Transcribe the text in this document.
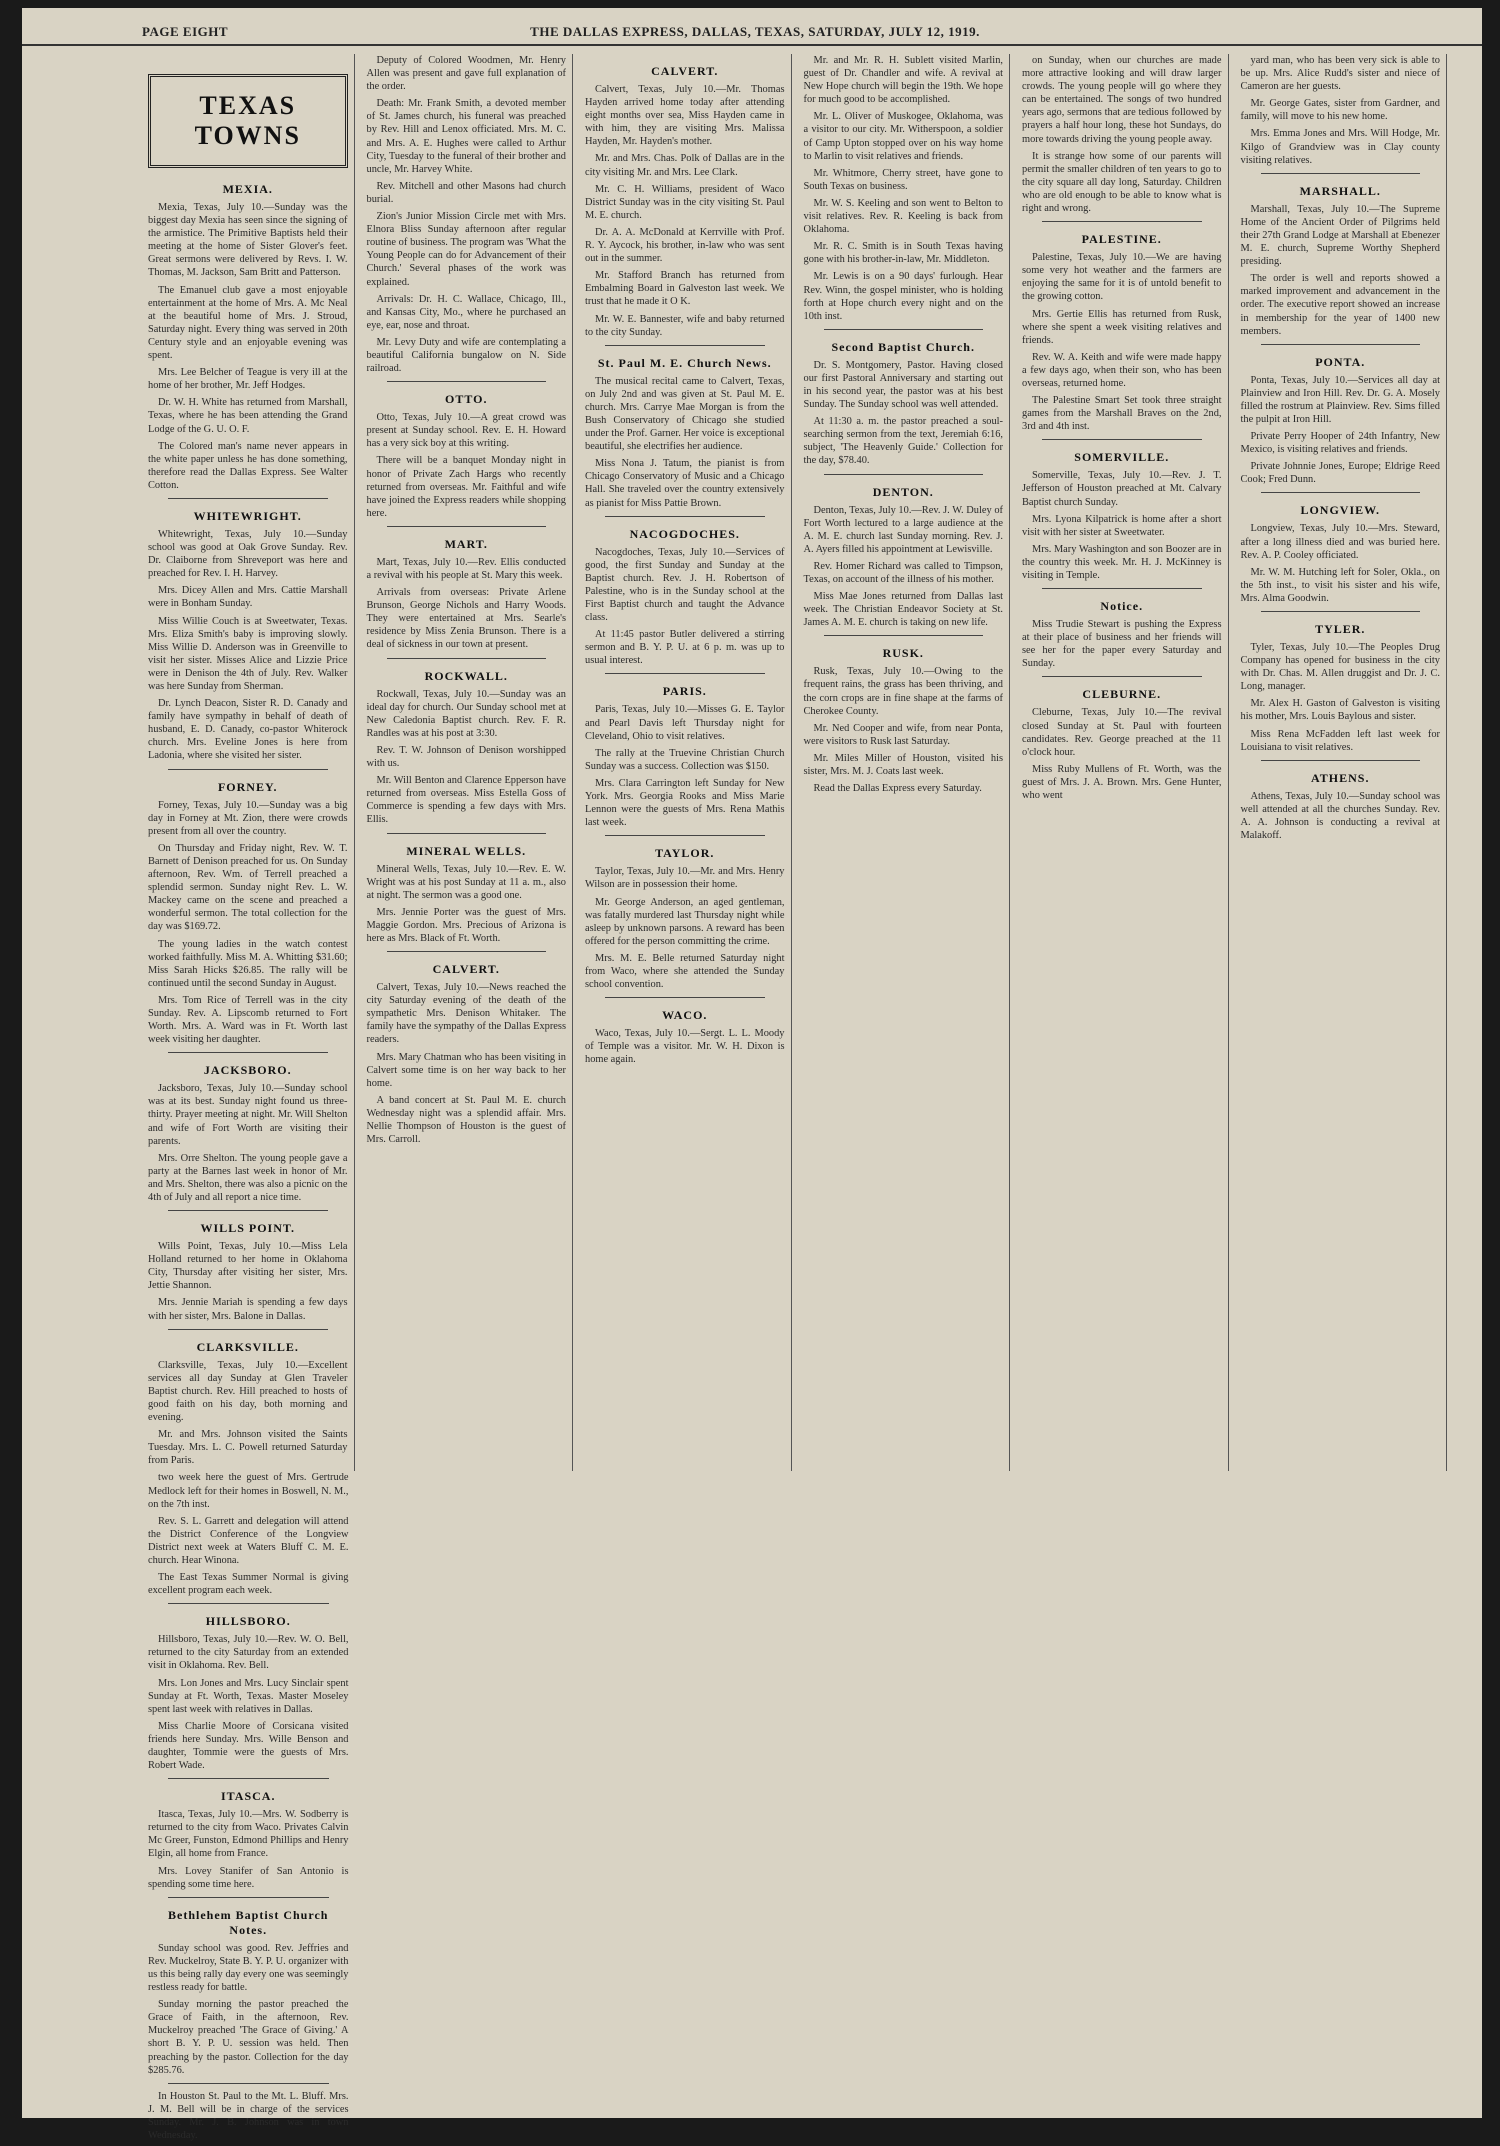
PAGE EIGHT	THE DALLAS EXPRESS, DALLAS, TEXAS, SATURDAY, JULY 12, 1919.
TEXAS TOWNS
MEXIA.

Mexia, Texas, July 10.—Sunday was the biggest day Mexia has seen since the signing of the armistice. The Primitive Baptists held their meeting at the home of Sister Glover's feet. Great sermons were delivered by Revs. I. W. Thomas, M. Jackson, Sam Britt and Patterson.

The Emanuel club gave a most enjoyable entertainment at the home of Mrs. A. Mc Neal at the beautiful home of Mrs. J. Stroud, Saturday night. Every thing was served in 20th Century style and an enjoyable evening was spent.

Mrs. Lee Belcher of Teague is very ill at the home of her brother, Mr. Jeff Hodges.

Dr. W. H. White has returned from Marshall, Texas, where he has been attending the Grand Lodge of the G. U. O. F.

The Colored man's name never appears in the white paper unless he has done something, therefore read the Dallas Express. See Walter Cotton.

WHITEWRIGHT.

Whitewright, Texas, July 10.—Sunday school was good at Oak Grove Sunday. Rev. Dr. Claiborne from Shreveport was here and preached for Rev. I. H. Harvey.

Mrs. Dicey Allen and Mrs. Cattie Marshall were in Bonham Sunday.

Miss Willie Couch is at Sweetwater, Texas. Mrs. Eliza Smith's baby is improving slowly. Miss Willie D. Anderson was in Greenville to visit her sister. Misses Alice and Lizzie Price were in Denison the 4th of July. Rev. Walker was here Sunday from Sherman.

Dr. Lynch Deacon, Sister R. D. Canady and family have sympathy in behalf of death of husband, E. D. Canady, co-pastor Whiterock church. Mrs. Eveline Jones is here from Ladonia, where she visited her sister.

FORNEY.

Forney, Texas, July 10.—Sunday was a big day in Forney at Mt. Zion, there were crowds present from all over the country.

On Thursday and Friday night, Rev. W. T. Barnett of Denison preached for us. On Sunday afternoon, Rev. Wm. of Terrell preached a splendid sermon. Sunday night Rev. L. W. Mackey came on the scene and preached a wonderful sermon. The total collection for the day was $169.72.

The young ladies in the watch contest worked faithfully. Miss M. A. Whitting $31.60; Miss Sarah Hicks $26.85. The rally will be continued until the second Sunday in August.

Mrs. Tom Rice of Terrell was in the city Sunday. Rev. A. Lipscomb returned to Fort Worth. Mrs. A. Ward was in Ft. Worth last week visiting her daughter.

JACKSBORO.

Jacksboro, Texas, July 10.—Sunday school was at its best. Sunday night found us three-thirty. Prayer meeting at night. Mr. Will Shelton and wife of Fort Worth are visiting their parents.

Mrs. Orre Shelton. The young people gave a party at the Barnes last week in honor of Mr. and Mrs. Shelton, there was also a picnic on the 4th of July and all report a nice time.

WILLS POINT.

Wills Point, Texas, July 10.—Miss Lela Holland returned to her home in Oklahoma City, Thursday after visiting her sister, Mrs. Jettie Shannon.

Mrs. Jennie Mariah is spending a few days with her sister, Mrs. Balone in Dallas.

CLARKSVILLE.

Clarksville, Texas, July 10.—Excellent services all day Sunday at Glen Traveler Baptist church. Rev. Hill preached to hosts of good faith on his day, both morning and evening.

Mr. and Mrs. Johnson visited the Saints Tuesday. Mrs. L. C. Powell returned Saturday from Paris.

Deputy of Colored Woodmen, Mr. Henry Allen was present and gave full explanation of the order.

Death: Mr. Frank Smith, a devoted member of St. James church, his funeral was preached by Rev. Hill and Lenox officiated. Mrs. M. C. and Mrs. A. E. Hughes were called to Arthur City, Tuesday to the funeral of their brother and uncle, Mr. Harvey White.

Rev. Mitchell and other Masons had church burial.

Zion's Junior Mission Circle met with Mrs. Elnora Bliss Sunday afternoon after regular routine of business. The program was 'What the Young People can do for Advancement of their Church.' Several phases of the work was explained.

Arrivals: Dr. H. C. Wallace, Chicago, Ill., and Kansas City, Mo., where he purchased an eye, ear, nose and throat.

Mr. Levy Duty and wife are contemplating a beautiful California bungalow on N. Side railroad.

OTTO.

Otto, Texas, July 10.—A great crowd was present at Sunday school. Rev. E. H. Howard has a very sick boy at this writing.

There will be a banquet Monday night in honor of Private Zach Hargs who recently returned from overseas. Mr. Faithful and wife have joined the Express readers while shopping here.

MART.

Mart, Texas, July 10.—Rev. Ellis conducted a revival with his people at St. Mary this week.

Arrivals from overseas: Private Arlene Brunson, George Nichols and Harry Woods. They were entertained at Mrs. Searle's residence by Miss Zenia Brunson. There is a deal of sickness in our town at present.

ROCKWALL.

Rockwall, Texas, July 10.—Sunday was an ideal day for church. Our Sunday school met at New Caledonia Baptist church. Rev. F. R. Randles was at his post at 3:30.

Rev. T. W. Johnson of Denison worshipped with us.

Mr. Will Benton and Clarence Epperson have returned from overseas. Miss Estella Goss of Commerce is spending a few days with Mrs. Ellis.

MINERAL WELLS.

Mineral Wells, Texas, July 10.—Rev. E. W. Wright was at his post Sunday at 11 a. m., also at night. The sermon was a good one.

Mrs. Jennie Porter was the guest of Mrs. Maggie Gordon. Mrs. Precious of Arizona is here as Mrs. Black of Ft. Worth.

CALVERT.

Calvert, Texas, July 10.—News reached the city Saturday evening of the death of the sympathetic Mrs. Denison Whitaker. The family have the sympathy of the Dallas Express readers.

Mrs. Mary Chatman who has been visiting in Calvert some time is on her way back to her home.

A band concert at St. Paul M. E. church Wednesday night was a splendid affair. Mrs. Nellie Thompson of Houston is the guest of Mrs. Carroll.

CALVERT.

Calvert, Texas, July 10.—Mr. Thomas Hayden arrived home today after attending eight months over sea, Miss Hayden came in with him, they are visiting Mrs. Malissa Hayden, Mr. Hayden's mother.

Mr. and Mrs. Chas. Polk of Dallas are in the city visiting Mr. and Mrs. Lee Clark.

Mr. C. H. Williams, president of Waco District Sunday was in the city visiting St. Paul M. E. church.

Dr. A. A. McDonald at Kerrville with Prof. R. Y. Aycock, his brother, in-law who was sent out in the summer.

Mr. Stafford Branch has returned from Embalming Board in Galveston last week. We trust that he made it O K.

Mr. W. E. Bannester, wife and baby returned to the city Sunday.

St. Paul M. E. Church News.

The musical recital came to Calvert, Texas, on July 2nd and was given at St. Paul M. E. church. Mrs. Carrye Mae Morgan is from the Bush Conservatory of Chicago she studied under the Prof. Garner. Her voice is exceptional beautiful, she electrifies her audience.

Miss Nona J. Tatum, the pianist is from Chicago Conservatory of Music and a Chicago Hall. She traveled over the country extensively as pianist for Miss Pattie Brown.

NACOGDOCHES.

Nacogdoches, Texas, July 10.—Services of good, the first Sunday and Sunday at the Baptist church. Rev. J. H. Robertson of Palestine, who is in the Sunday school at the First Baptist church and taught the Advance class.

At 11:45 pastor Butler delivered a stirring sermon and B. Y. P. U. at 6 p. m. was up to usual interest.

PARIS.

Paris, Texas, July 10.—Misses G. E. Taylor and Pearl Davis left Thursday night for Cleveland, Ohio to visit relatives.

The rally at the Truevine Christian Church Sunday was a success. Collection was $150.

Mrs. Clara Carrington left Sunday for New York. Mrs. Georgia Rooks and Miss Marie Lennon were the guests of Mrs. Rena Mathis last week.

TAYLOR.

Taylor, Texas, July 10.—Mr. and Mrs. Henry Wilson are in possession their home.

Mr. George Anderson, an aged gentleman, was fatally murdered last Thursday night while asleep by unknown parsons. A reward has been offered for the person committing the crime.

Mrs. M. E. Belle returned Saturday night from Waco, where she attended the Sunday school convention.

WACO.

Waco, Texas, July 10.—Sergt. L. L. Moody of Temple was a visitor. Mr. W. H. Dixon is home again.

Mr. and Mr. R. H. Sublett visited Marlin, guest of Dr. Chandler and wife. A revival at New Hope church will begin the 19th. We hope for much good to be accomplished.

Mr. L. Oliver of Muskogee, Oklahoma, was a visitor to our city. Mr. Witherspoon, a soldier of Camp Upton stopped over on his way home to Marlin to visit relatives and friends.

Mr. Whitmore, Cherry street, have gone to South Texas on business.

Mr. W. S. Keeling and son went to Belton to visit relatives. Rev. R. Keeling is back from Oklahoma.

Mr. R. C. Smith is in South Texas having gone with his brother-in-law, Mr. Middleton.

Mr. Lewis is on a 90 days' furlough. Hear Rev. Winn, the gospel minister, who is holding forth at Hope church every night and on the 10th inst.

Second Baptist Church.

Dr. S. Montgomery, Pastor. Having closed our first Pastoral Anniversary and starting out in his second year, the pastor was at his best Sunday. The Sunday school was well attended.

At 11:30 a. m. the pastor preached a soul-searching sermon from the text, Jeremiah 6:16, subject, 'The Heavenly Guide.' Collection for the day, $78.40.

DENTON.

Denton, Texas, July 10.—Rev. J. W. Duley of Fort Worth lectured to a large audience at the A. M. E. church last Sunday morning. Rev. J. A. Ayers filled his appointment at Lewisville.

Rev. Homer Richard was called to Timpson, Texas, on account of the illness of his mother.

Miss Mae Jones returned from Dallas last week. The Christian Endeavor Society at St. James A. M. E. church is taking on new life.

RUSK.

Rusk, Texas, July 10.—Owing to the frequent rains, the grass has been thriving, and the corn crops are in fine shape at the farms of Cherokee County.

Mr. Ned Cooper and wife, from near Ponta, were visitors to Rusk last Saturday.

Mr. Miles Miller of Houston, visited his sister, Mrs. M. J. Coats last week.

Read the Dallas Express every Saturday.

on Sunday, when our churches are made more attractive looking and will draw larger crowds. The young people will go where they can be entertained. The songs of two hundred years ago, sermons that are tedious followed by prayers a half hour long, these hot Sundays, do more towards driving the young people away.

It is strange how some of our parents will permit the smaller children of ten years to go to the city square all day long, Saturday. Children who are old enough to be able to know what is right and wrong.

PALESTINE.

Palestine, Texas, July 10.—We are having some very hot weather and the farmers are enjoying the same for it is of untold benefit to the growing cotton.

Mrs. Gertie Ellis has returned from Rusk, where she spent a week visiting relatives and friends.

Rev. W. A. Keith and wife were made happy a few days ago, when their son, who has been overseas, returned home.

The Palestine Smart Set took three straight games from the Marshall Braves on the 2nd, 3rd and 4th inst.

SOMERVILLE.

Somerville, Texas, July 10.—Rev. J. T. Jefferson of Houston preached at Mt. Calvary Baptist church Sunday.

Mrs. Lyona Kilpatrick is home after a short visit with her sister at Sweetwater.

Mrs. Mary Washington and son Boozer are in the country this week. Mr. H. J. McKinney is visiting in Temple.

Notice.

Miss Trudie Stewart is pushing the Express at their place of business and her friends will see her for the paper every Saturday and Sunday.

CLEBURNE.

Cleburne, Texas, July 10.—The revival closed Sunday at St. Paul with fourteen candidates. Rev. George preached at the 11 o'clock hour.

Miss Ruby Mullens of Ft. Worth, was the guest of Mrs. J. A. Brown. Mrs. Gene Hunter, who went

yard man, who has been very sick is able to be up. Mrs. Alice Rudd's sister and niece of Cameron are her guests.

Mr. George Gates, sister from Gardner, and family, will move to his new home.

Mrs. Emma Jones and Mrs. Will Hodge, Mr. Kilgo of Grandview was in Clay county visiting relatives.

MARSHALL.

Marshall, Texas, July 10.—The Supreme Home of the Ancient Order of Pilgrims held their 27th Grand Lodge at Marshall at Ebenezer M. E. church, Supreme Worthy Shepherd presiding.

The order is well and reports showed a marked improvement and advancement in the order. The executive report showed an increase in membership for the year of 1400 new members.

PONTA.

Ponta, Texas, July 10.—Services all day at Plainview and Iron Hill. Rev. Dr. G. A. Mosely filled the rostrum at Plainview. Rev. Sims filled the pulpit at Iron Hill.

Private Perry Hooper of 24th Infantry, New Mexico, is visiting relatives and friends.

Private Johnnie Jones, Europe; Eldrige Reed Cook; Fred Dunn.

LONGVIEW.

Longview, Texas, July 10.—Mrs. Steward, after a long illness died and was buried here. Rev. A. P. Cooley officiated.

Mr. W. M. Hutching left for Soler, Okla., on the 5th inst., to visit his sister and his wife, Mrs. Alma Goodwin.

TYLER.

Tyler, Texas, July 10.—The Peoples Drug Company has opened for business in the city with Dr. Chas. M. Allen druggist and Dr. J. C. Long, manager.

Mr. Alex H. Gaston of Galveston is visiting his mother, Mrs. Louis Baylous and sister.

Miss Rena McFadden left last week for Louisiana to visit relatives.

ATHENS.

Athens, Texas, July 10.—Sunday school was well attended at all the churches Sunday. Rev. A. A. Johnson is conducting a revival at Malakoff.

two week here the guest of Mrs. Gertrude Medlock left for their homes in Boswell, N. M., on the 7th inst.

Rev. S. L. Garrett and delegation will attend the District Conference of the Longview District next week at Waters Bluff C. M. E. church. Hear Winona.

The East Texas Summer Normal is giving excellent program each week.

HILLSBORO.

Hillsboro, Texas, July 10.—Rev. W. O. Bell, returned to the city Saturday from an extended visit in Oklahoma. Rev. Bell.

Mrs. Lon Jones and Mrs. Lucy Sinclair spent Sunday at Ft. Worth, Texas. Master Moseley spent last week with relatives in Dallas.

Miss Charlie Moore of Corsicana visited friends here Sunday. Mrs. Wille Benson and daughter, Tommie were the guests of Mrs. Robert Wade.

ITASCA.

Itasca, Texas, July 10.—Mrs. W. Sodberry is returned to the city from Waco. Privates Calvin Mc Greer, Funston, Edmond Phillips and Henry Elgin, all home from France.

Mrs. Lovey Stanifer of San Antonio is spending some time here.

Bethlehem Baptist Church Notes.

Sunday school was good. Rev. Jeffries and Rev. Muckelroy, State B. Y. P. U. organizer with us this being rally day every one was seemingly restless ready for battle.

Sunday morning the pastor preached the Grace of Faith, in the afternoon, Rev. Muckelroy preached 'The Grace of Giving.' A short B. Y. P. U. session was held. Then preaching by the pastor. Collection for the day $285.76.

In Houston St. Paul to the Mt. L. Bluff. Mrs. J. M. Bell will be in charge of the services Sunday. Mr. J. B. Johnson was in town Wednesday.
